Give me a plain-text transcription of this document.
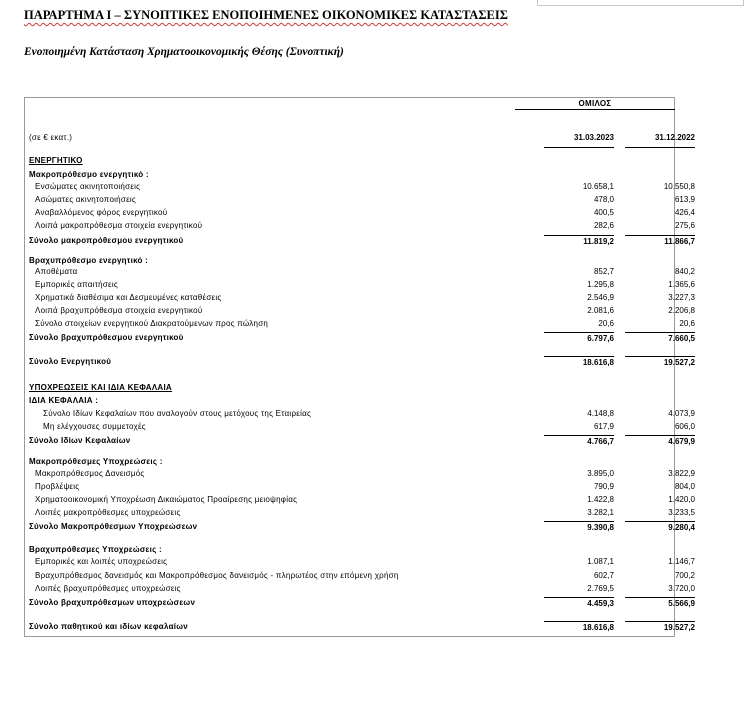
ΠΑΡΑΡΤΗΜΑ Ι – ΣΥΝΟΠΤΙΚΕΣ ΕΝΟΠΟΙΗΜΕΝΕΣ ΟΙΚΟΝΟΜΙΚΕΣ ΚΑΤΑΣΤΑΣΕΙΣ
Ενοποιημένη Κατάσταση Χρηματοοικονομικής Θέσης (Συνοπτική)
ΟΜΙΛΟΣ
(σε € εκατ.)	31.03.2023	31.12.2022
ΕΝΕΡΓΗΤΙΚΟ
Μακροπρόθεσμο ενεργητικό :
Ενσώματες ακινητοποιήσεις	10.658,1	10.550,8
Ασώματες ακινητοποιήσεις	478,0	613,9
Αναβαλλόμενος φόρος ενεργητικού	400,5	426,4
Λοιπά μακροπρόθεσμα στοιχεία ενεργητικού	282,6	275,6
Σύνολο μακροπρόθεσμου ενεργητικού	11.819,2	11.866,7
Βραχυπρόθεσμο ενεργητικό :
Αποθέματα	852,7	840,2
Εμπορικές απαιτήσεις	1.295,8	1.365,6
Χρηματικά διαθέσιμα και Δεσμευμένες καταθέσεις	2.546,9	3.227,3
Λοιπά βραχυπρόθεσμα στοιχεία ενεργητικού	2.081,6	2.206,8
Σύνολο στοιχείων ενεργητικού Διακρατούμενων προς πώληση	20,6	20,6
Σύνολο βραχυπρόθεσμου ενεργητικού	6.797,6	7.660,5
Σύνολο Ενεργητικού	18.616,8	19.527,2
ΥΠΟΧΡΕΩΣΕΙΣ ΚΑΙ ΙΔΙΑ ΚΕΦΑΛΑΙΑ
ΙΔΙΑ ΚΕΦΑΛΑΙΑ :
Σύνολο Ιδίων Κεφαλαίων που αναλογούν στους μετόχους της Εταιρείας	4.148,8	4.073,9
Μη ελέγχουσες συμμετοχές	617,9	606,0
Σύνολο Ιδίων Κεφαλαίων	4.766,7	4.679,9
Μακροπρόθεσμες Υποχρεώσεις :
Μακροπρόθεσμος Δανεισμός	3.895,0	3.822,9
Προβλέψεις	790,9	804,0
Χρηματοοικονομική Υποχρέωση Δικαιώματος Προαίρεσης μειοψηφίας	1.422,8	1.420,0
Λοιπές μακροπρόθεσμες υποχρεώσεις	3.282,1	3.233,5
Σύνολο Μακροπρόθεσμων Υποχρεώσεων	9.390,8	9.280,4
Βραχυπρόθεσμες Υποχρεώσεις :
Εμπορικές και λοιπές υποχρεώσεις	1.087,1	1.146,7
Βραχυπρόθεσμος δανεισμός και Μακροπρόθεσμος δανεισμός - πληρωτέος στην επόμενη χρήση	602,7	700,2
Λοιπές βραχυπρόθεσμες υποχρεώσεις	2.769,5	3.720,0
Σύνολο βραχυπρόθεσμων υποχρεώσεων	4.459,3	5.566,9
Σύνολο παθητικού και ιδίων κεφαλαίων	18.616,8	19.527,2
